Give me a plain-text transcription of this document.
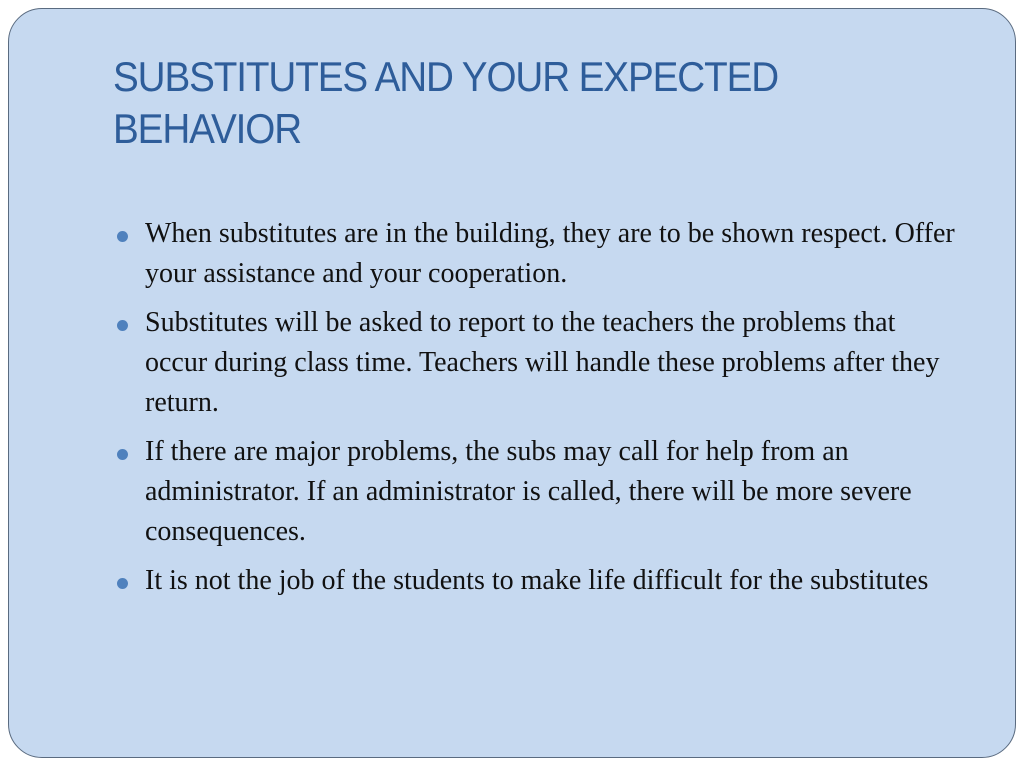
SUBSTITUTES AND YOUR EXPECTED BEHAVIOR
When substitutes are in the building, they are to be shown respect. Offer your assistance and your cooperation.
Substitutes will be asked to report to the teachers the problems that occur during class time. Teachers will handle these problems after they return.
If there are major problems, the subs may call for help from an administrator. If an administrator is called, there will be more severe consequences.
It is not the job of the students to make life difficult for the substitutes
